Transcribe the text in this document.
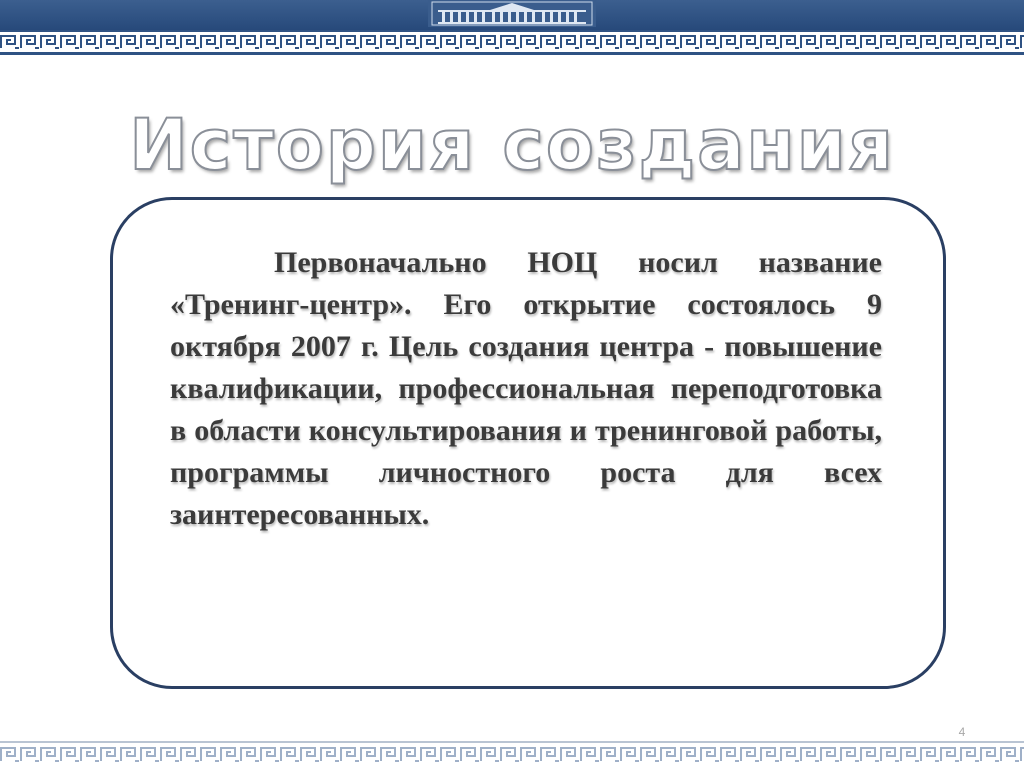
История создания
Первоначально НОЦ носил название «Тренинг-центр». Его открытие состоялось 9 октября 2007 г. Цель создания центра - повышение квалификации, профессиональная переподготовка в области консультирования и тренинговой работы, программы личностного роста для всех заинтересованных.
4
